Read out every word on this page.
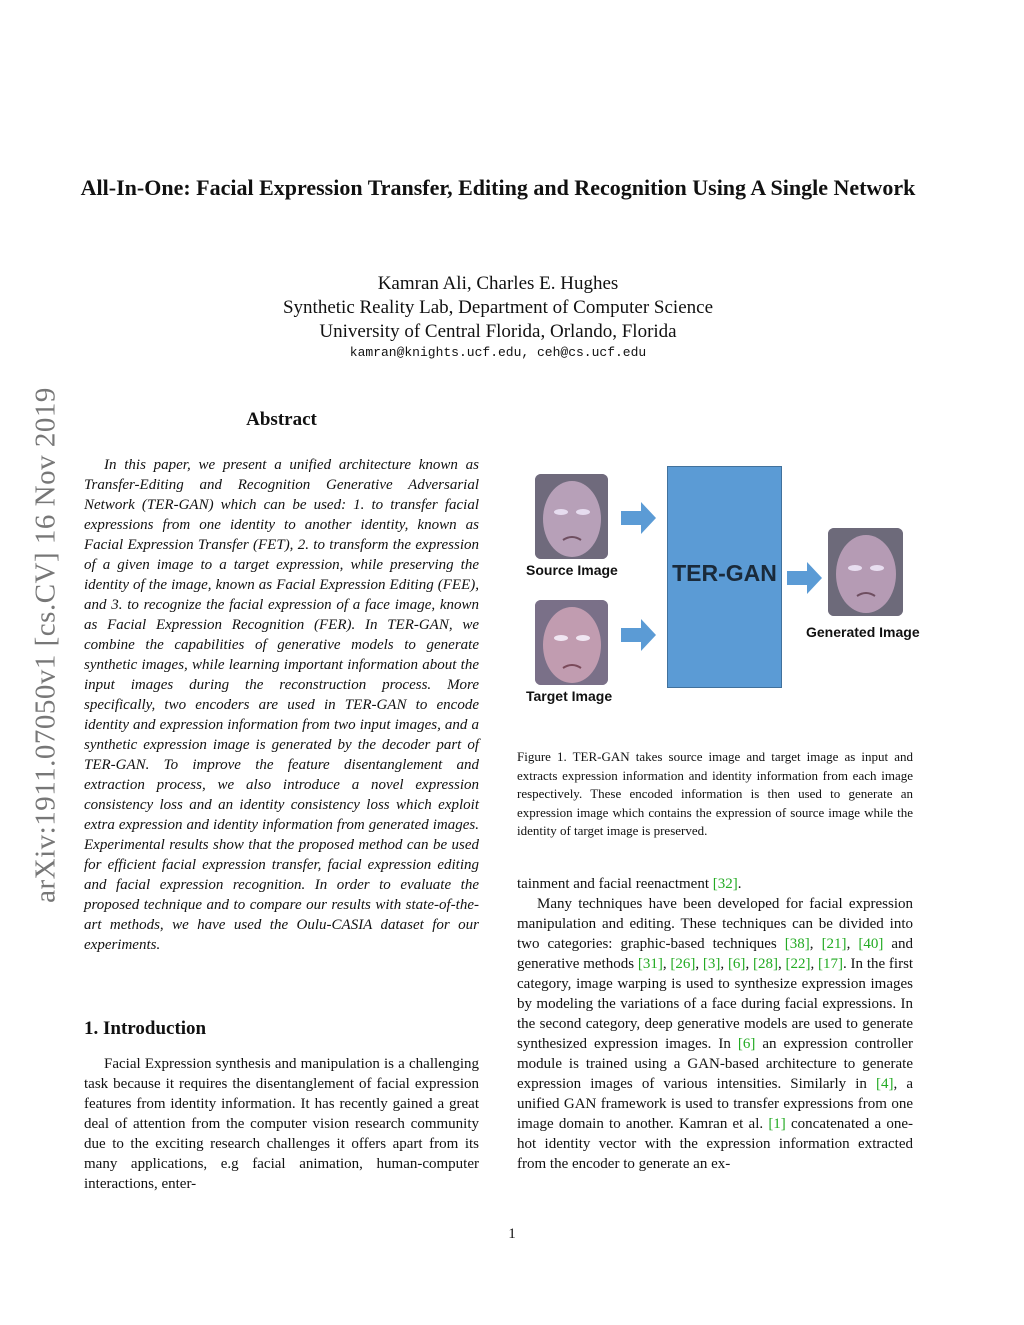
arXiv:1911.07050v1 [cs.CV] 16 Nov 2019
All-In-One: Facial Expression Transfer, Editing and Recognition Using A Single Network
Kamran Ali, Charles E. Hughes
Synthetic Reality Lab, Department of Computer Science
University of Central Florida, Orlando, Florida
kamran@knights.ucf.edu, ceh@cs.ucf.edu
Abstract

In this paper, we present a unified architecture known as Transfer-Editing and Recognition Generative Adversarial Network (TER-GAN) which can be used: 1. to transfer facial expressions from one identity to another identity, known as Facial Expression Transfer (FET), 2. to transform the expression of a given image to a target expression, while preserving the identity of the image, known as Facial Expression Editing (FEE), and 3. to recognize the facial expression of a face image, known as Facial Expression Recognition (FER). In TER-GAN, we combine the capabilities of generative models to generate synthetic images, while learning important information about the input images during the reconstruction process. More specifically, two encoders are used in TER-GAN to encode identity and expression information from two input images, and a synthetic expression image is generated by the decoder part of TER-GAN. To improve the feature disentanglement and extraction process, we also introduce a novel expression consistency loss and an identity consistency loss which exploit extra expression and identity information from generated images. Experimental results show that the proposed method can be used for efficient facial expression transfer, facial expression editing and facial expression recognition. In order to evaluate the proposed technique and to compare our results with state-of-the-art methods, we have used the Oulu-CASIA dataset for our experiments.

1. Introduction

Facial Expression synthesis and manipulation is a challenging task because it requires the disentanglement of facial expression features from identity information. It has recently gained a great deal of attention from the computer vision research community due to the exciting research challenges it offers apart from its many applications, e.g facial animation, human-computer interactions, enter-

Source Image
Target Image
TER-GAN
Generated Image

Figure 1. TER-GAN takes source image and target image as input and extracts expression information and identity information from each image respectively. These encoded information is then used to generate an expression image which contains the expression of source image while the identity of target image is preserved.

tainment and facial reenactment [32].

Many techniques have been developed for facial expression manipulation and editing. These techniques can be divided into two categories: graphic-based techniques [38], [21], [40] and generative methods [31], [26], [3], [6], [28], [22], [17]. In the first category, image warping is used to synthesize expression images by modeling the variations of a face during facial expressions. In the second category, deep generative models are used to generate synthesized expression images. In [6] an expression controller module is trained using a GAN-based architecture to generate expression images of various intensities. Similarly in [4], a unified GAN framework is used to transfer expressions from one image domain to another. Kamran et al. [1] concatenated a one-hot identity vector with the expression information extracted from the encoder to generate an ex-

1
